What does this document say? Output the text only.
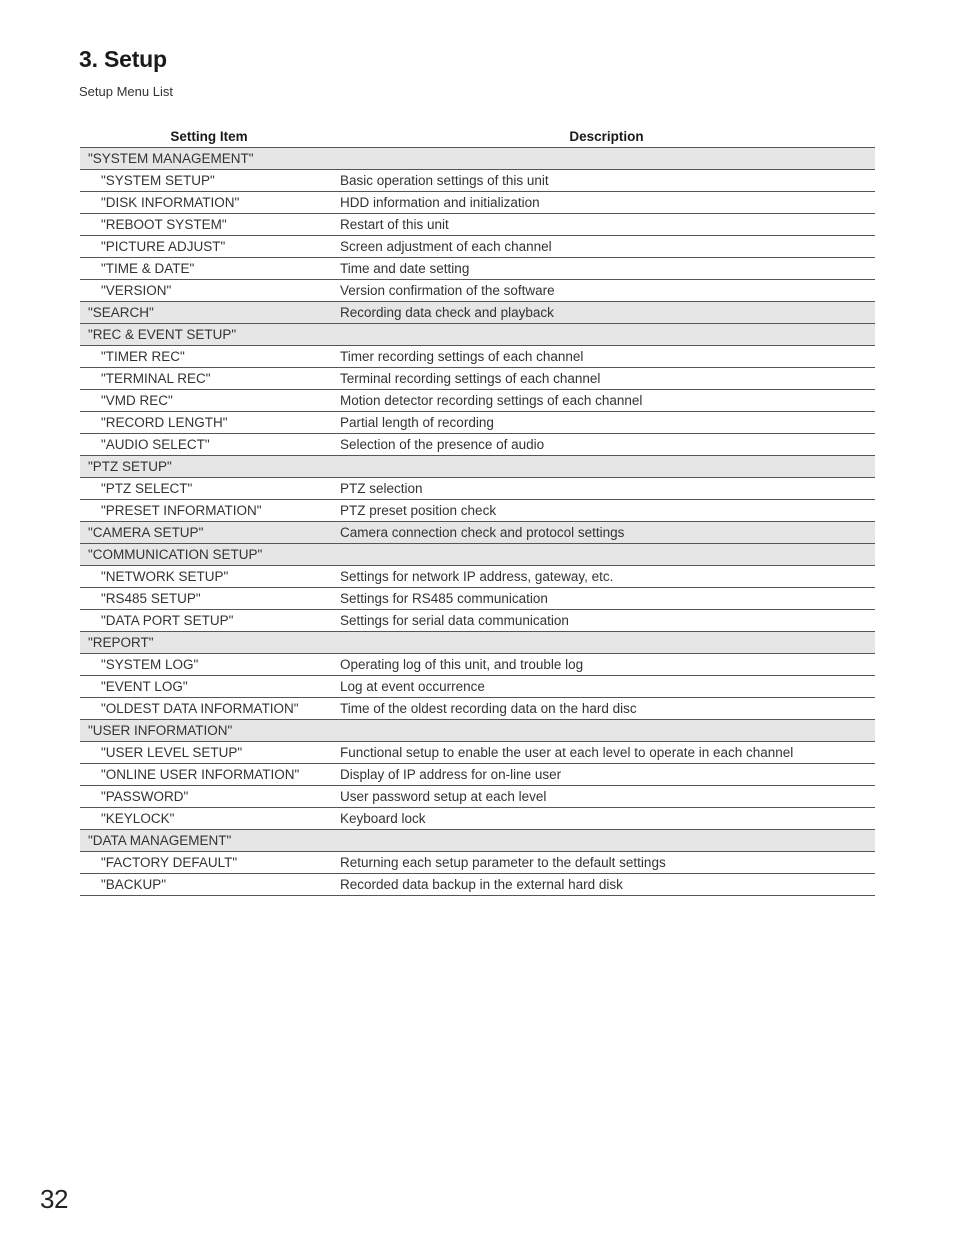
3. Setup

Setup Menu List

Setting Item	Description
"SYSTEM MANAGEMENT"	
"SYSTEM SETUP"	Basic operation settings of this unit
"DISK INFORMATION"	HDD information and initialization
"REBOOT SYSTEM"	Restart of this unit
"PICTURE ADJUST"	Screen adjustment of each channel
"TIME & DATE"	Time and date setting
"VERSION"	Version confirmation of the software
"SEARCH"	Recording data check and playback
"REC & EVENT SETUP"	
"TIMER REC"	Timer recording settings of each channel
"TERMINAL REC"	Terminal recording settings of each channel
"VMD REC"	Motion detector recording settings of each channel
"RECORD LENGTH"	Partial length of recording
"AUDIO SELECT"	Selection of the presence of audio
"PTZ SETUP"	
"PTZ SELECT"	PTZ selection
"PRESET INFORMATION"	PTZ preset position check
"CAMERA SETUP"	Camera connection check and protocol settings
"COMMUNICATION SETUP"	
"NETWORK SETUP"	Settings for network IP address, gateway, etc.
"RS485 SETUP"	Settings for RS485 communication
"DATA PORT SETUP"	Settings for serial data communication
"REPORT"	
"SYSTEM LOG"	Operating log of this unit, and trouble log
"EVENT LOG"	Log at event occurrence
"OLDEST DATA INFORMATION"	Time of the oldest recording data on the hard disc
"USER INFORMATION"	
"USER LEVEL SETUP"	Functional setup to enable the user at each level to operate in each channel
"ONLINE USER INFORMATION"	Display of IP address for on-line user
"PASSWORD"	User password setup at each level
"KEYLOCK"	Keyboard lock
"DATA MANAGEMENT"	
"FACTORY DEFAULT"	Returning each setup parameter to the default settings
"BACKUP"	Recorded data backup in the external hard disk

32
